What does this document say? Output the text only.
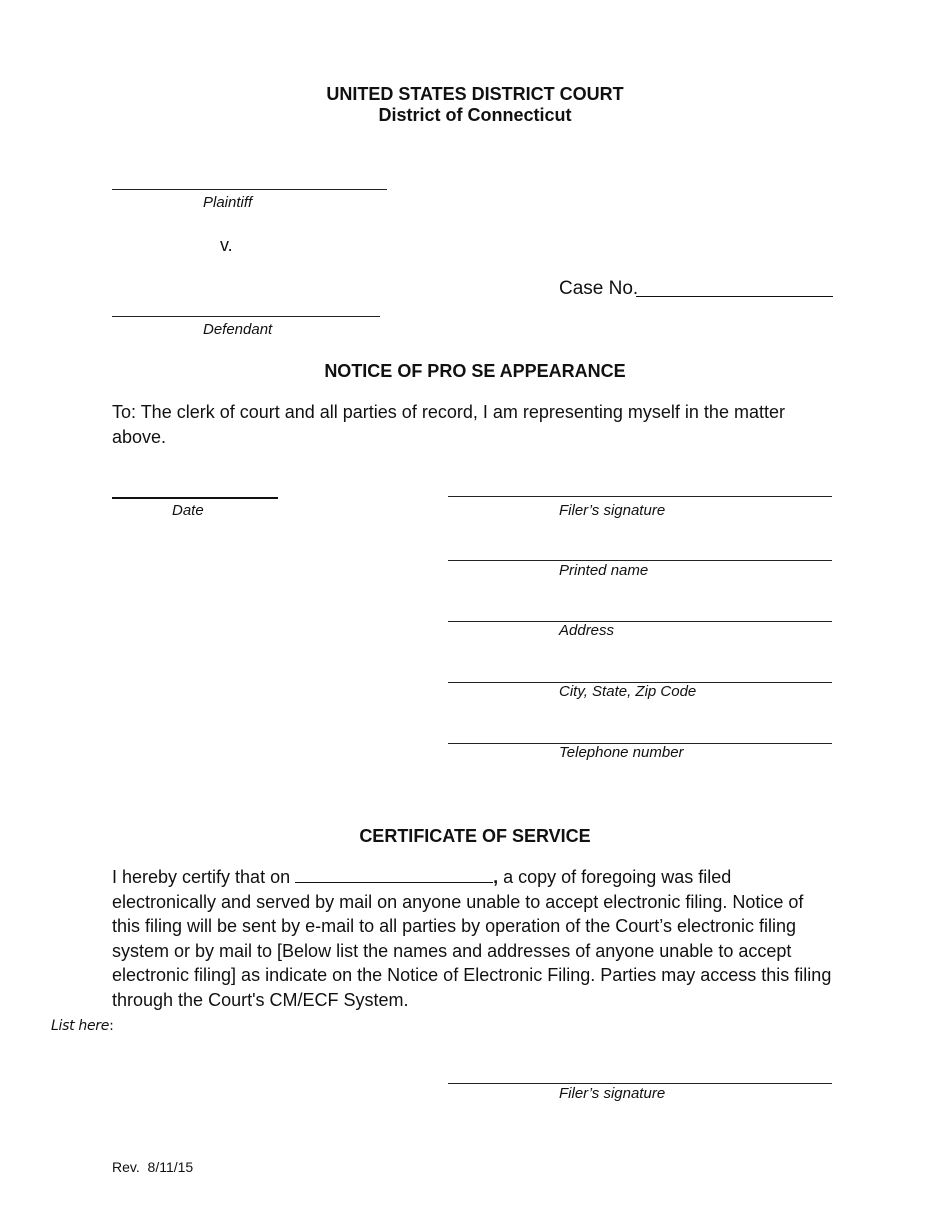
UNITED STATES DISTRICT COURT
District of Connecticut
Plaintiff
v.
Case No.
Defendant
NOTICE OF PRO SE APPEARANCE
To: The clerk of court and all parties of record, I am representing myself in the matter above.
Date	Filer’s signature
Printed name
Address
City, State, Zip Code
Telephone number
CERTIFICATE OF SERVICE
I hereby certify that on	, a copy of foregoing was filed electronically and served by mail on anyone unable to accept electronic filing. Notice of this filing will be sent by e-mail to all parties by operation of the Court’s electronic filing system or by mail to [Below list the names and addresses of anyone unable to accept electronic filing] as indicate on the Notice of Electronic Filing. Parties may access this filing through the Court's CM/ECF System.
List here:
Filer’s signature
Rev.  8/11/15
